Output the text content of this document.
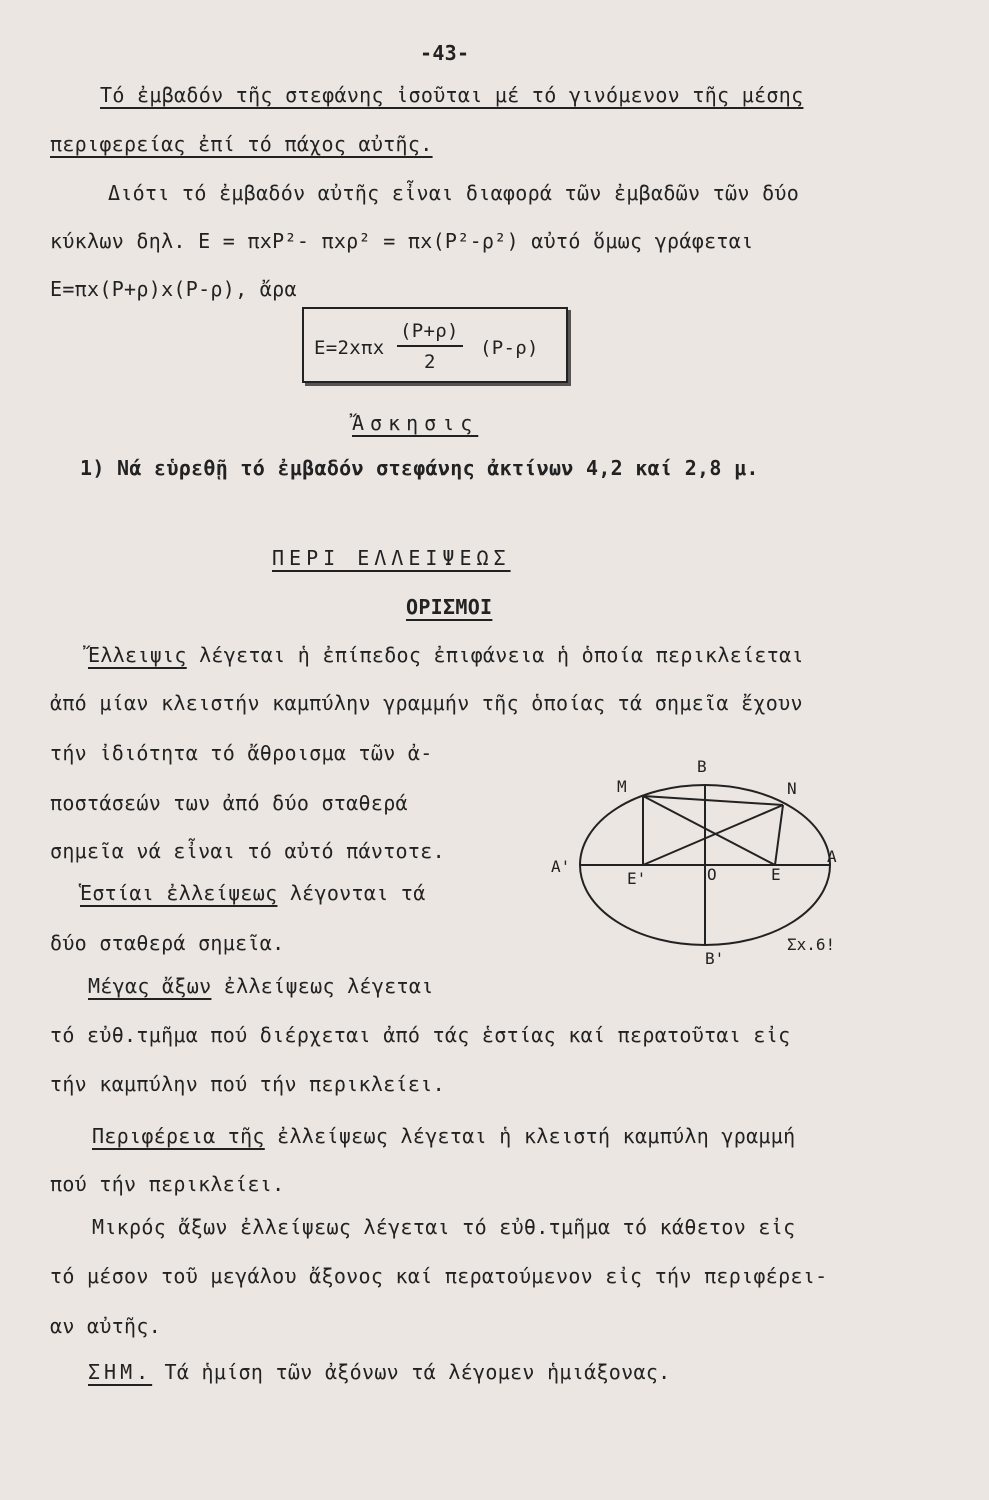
-43-
Τό ἐμβαδόν τῆς στεφάνης ἰσοῦται μέ τό γινόμενον τῆς μέσης
περιφερείας ἐπί τό πάχος αὐτῆς.
Διότι τό ἐμβαδόν αὐτῆς εἶναι διαφορά τῶν ἐμβαδῶν τῶν δύο
κύκλων δηλ. Ε = πxP²- πxρ² = πx(P²-ρ²) αὐτό ὅμως γράφεται
Ε=πx(P+ρ)x(P-ρ), ἄρα
Ε=2xπx
(P+ρ)
2
(P-ρ)
Ἄσκησις
1) Νά εὑρεθῇ τό ἐμβαδόν στεφάνης ἀκτίνων 4,2 καί 2,8 μ.
ΠΕΡΙ ΕΛΛΕΙΨΕΩΣ
ΟΡΙΣΜΟΙ
Ἔλλειψις λέγεται ἡ ἐπίπεδος ἐπιφάνεια ἡ ὁποία περικλείεται
ἀπό μίαν κλειστήν καμπύλην γραμμήν τῆς ὁποίας τά σημεῖα ἔχουν
τήν ἰδιότητα τό ἄθροισμα τῶν ἀ-
ποστάσεών των ἀπό δύο σταθερά
σημεῖα νά εἶναι τό αὐτό πάντοτε.
Ἑστίαι ἐλλείψεως λέγονται τά
δύο σταθερά σημεῖα.
Μέγας ἄξων ἐλλείψεως λέγεται
τό εὐθ.τμῆμα πού διέρχεται ἀπό τάς ἑστίας καί περατοῦται εἰς
τήν καμπύλην πού τήν περικλείει.
Περιφέρεια τῆς ἐλλείψεως λέγεται ἡ κλειστή καμπύλη γραμμή
πού τήν περικλείει.
Μικρός ἄξων ἐλλείψεως λέγεται τό εὐθ.τμῆμα τό κάθετον εἰς
τό μέσον τοῦ μεγάλου ἄξονος καί περατούμενον εἰς τήν περιφέρει-
αν αὐτῆς.
ΣΗΜ. Τά ἡμίση τῶν ἀξόνων τά λέγομεν ἡμιάξονας.
B
M	N
A'
A
E'	O	E
B'
Σx.6!
